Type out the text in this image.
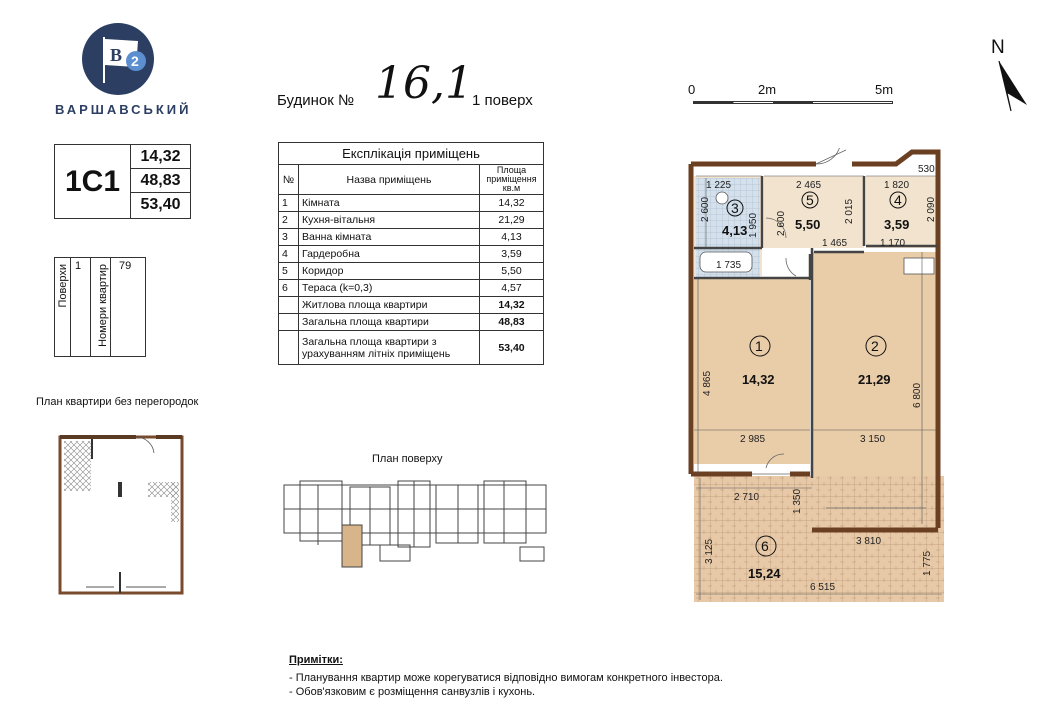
B 2
ВАРШАВСЬКИЙ
1С1
14,32
48,83
53,40
Поверхи 1 Номери квартир 79
Будинок № 16,1 1 поверх
Експлікація приміщень		
№	Назва приміщень	Площа приміщення кв.м
1	Кімната	14,32
2	Кухня-вітальня	21,29
3	Ванна кімната	4,13
4	Гардеробна	3,59
5	Коридор	5,50
6	Тераса (k=0,3)	4,57
	Житлова площа квартири	14,32
	Загальна площа квартири	48,83
	Загальна площа квартири з урахуванням літніх приміщень	53,40
План квартири без перегородок
План поверху
0	2m	5m
N
1
14,32
2
21,29
3
4,13
4
3,59
5
5,50
6
15,24
1 225	2 465	1 820
530
2 600
1 950 2 600	2 015	2 090
1 465	1 170
1 735
4 865	6 800
2 985	3 150
2 710	1 350
3 125	3 810
1 775
6 515
Примітки:
- Планування квартир може корегуватися відповідно вимогам конкретного інвестора.
- Обов'язковим є розміщення санвузлів і кухонь.
